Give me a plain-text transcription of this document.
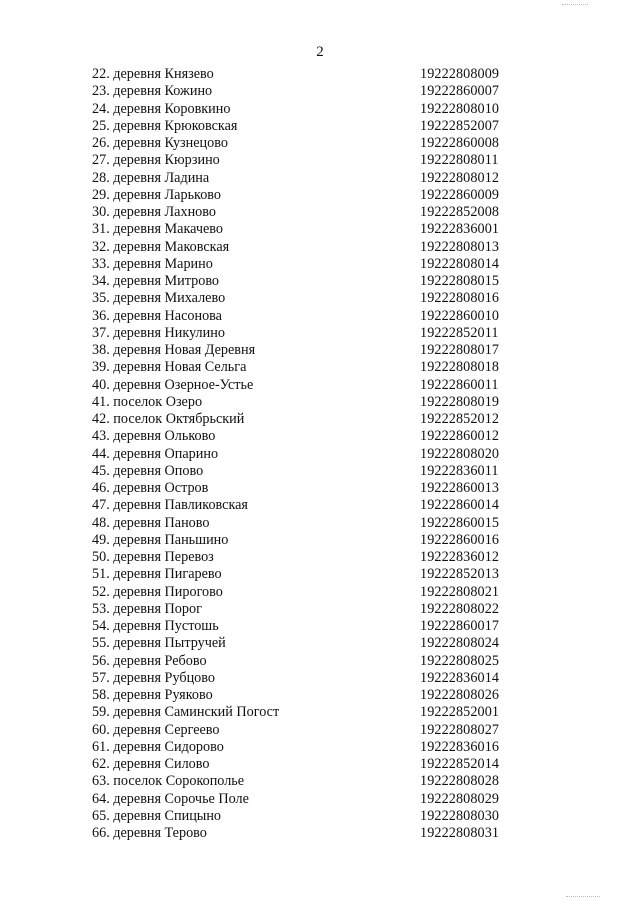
2
22. деревня Князево	19222808009
23. деревня Кожино	19222860007
24. деревня Коровкино	19222808010
25. деревня Крюковская	19222852007
26. деревня Кузнецово	19222860008
27. деревня Кюрзино	19222808011
28. деревня Ладина	19222808012
29. деревня Ларьково	19222860009
30. деревня Лахново	19222852008
31. деревня Макачево	19222836001
32. деревня Маковская	19222808013
33. деревня Марино	19222808014
34. деревня Митрово	19222808015
35. деревня Михалево	19222808016
36. деревня Насонова	19222860010
37. деревня Никулино	19222852011
38. деревня Новая Деревня	19222808017
39. деревня Новая Сельга	19222808018
40. деревня Озерное-Устье	19222860011
41. поселок Озеро	19222808019
42. поселок Октябрьский	19222852012
43. деревня Ольково	19222860012
44. деревня Опарино	19222808020
45. деревня Опово	19222836011
46. деревня Остров	19222860013
47. деревня Павликовская	19222860014
48. деревня Паново	19222860015
49. деревня Паньшино	19222860016
50. деревня Перевоз	19222836012
51. деревня Пигарево	19222852013
52. деревня Пирогово	19222808021
53. деревня Порог	19222808022
54. деревня Пустошь	19222860017
55. деревня Пытручей	19222808024
56. деревня Ребово	19222808025
57. деревня Рубцово	19222836014
58. деревня Руяково	19222808026
59. деревня Саминский Погост	19222852001
60. деревня Сергеево	19222808027
61. деревня Сидорово	19222836016
62. деревня Силово	19222852014
63. поселок Сорокополье	19222808028
64. деревня Сорочье Поле	19222808029
65. деревня Спицыно	19222808030
66. деревня Терово	19222808031
